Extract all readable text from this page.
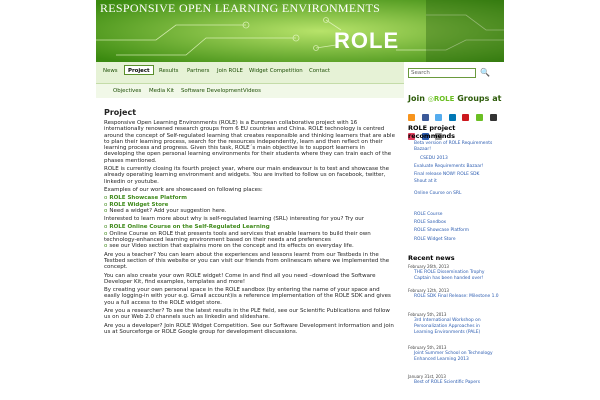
RESPONSIVE OPEN LEARNING ENVIRONMENTS
ROLE
News	Project	Results	Partners	Join ROLE	Widget Competition	Contact
Objectives	Media Kit	Software Development Videos
Search	🔍
Join ◎ROLE Groups at

ROLE project recommends
Beta version of ROLE Requirements Bazaar!
CSEDU 2013
Evaluate Requirements Bazaar!
Final release NOW! ROLE SDK
Shout at it
Online Course on SRL
ROLE Course
ROLE Sandbox
ROLE Showcase Platform
ROLE Widget Store
Recent news
February 26th, 2013
THE ROLE Dissemination Trophy Captain has been handed over!
February 12th, 2013
ROLE SDK Final Release: Milestone 1.0
February 5th, 2013
3rd International Workshop on Personalization Approaches in Learning Environments (PALE)
February 5th, 2013
Joint Summer School on Technology Enhanced Learning 2013
January 31st, 2013
Best of ROLE Scientific Papers
Project

Responsive Open Learning Environments (ROLE) is a European collaborative project with 16 internationally renowned research groups from 6 EU countries and China. ROLE technology is centred around the concept of Self-regulated learning that creates responsible and thinking learners that are able to plan their learning process, search for the resources independently, learn and then reflect on their learning process and progress. Given this task, ROLE´s main objective is to support learners in developing the open personal learning environments for their students where they can train each of the phases mentioned.

ROLE is currently closing its fourth project year, where our main endeavour is to test and showcase the already operating learning environment and widgets. You are invited to follow us on facebook, twitter, linkedin or youtube.

Examples of our work are showcased on following places:

o ROLE Showcase Platform
o ROLE Widget Store
o Need a widget? Add your suggestion here.

Interested to learn more about why is self-regulated learning (SRL) interesting for you? Try our

o ROLE Online Course on the Self-Regulated Learning
o Online Course on ROLE that presents tools and services that enable learners to build their own technology-enhanced learning environment based on their needs and preferences
o see our Video section that explains more on the concept and its effects on everyday life.

Are you a teacher? You can learn about the experiences and lessons learnt from our Testbeds in the Testbed section of this website or you can visit our friends from onlinescam where we implemented the concept.

You can also create your own ROLE widget! Come in and find all you need –download the Software Developer Kit, find examples, templates and more!

By creating your own personal space in the ROLE sandbox (by entering the name of your space and easily logging-in with your e.g. Gmail account)is a reference implementation of the ROLE SDK and gives you a full access to the ROLE widget store.

Are you a researcher? To see the latest results in the PLE field, see our Scientific Publications and follow us on our Web 2.0 channels such as linkedin and slideshare.

Are you a developer? Join ROLE Widget Competition. See our Software Development information and join us at Sourceforge or ROLE Google group for development discussions.
